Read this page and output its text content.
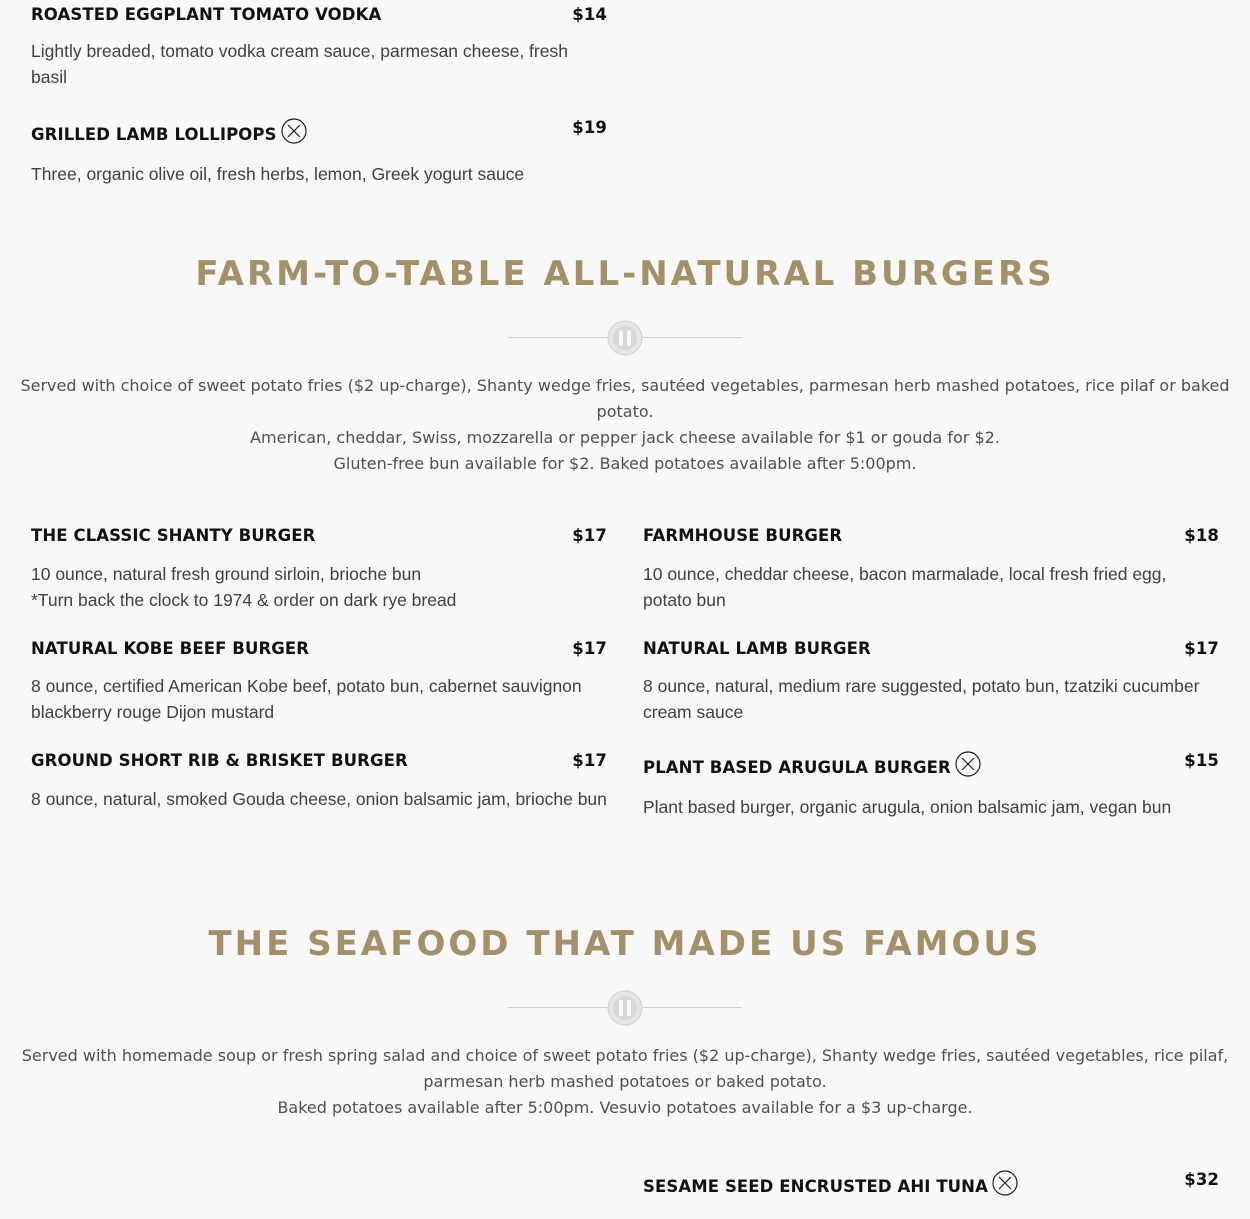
ROASTED EGGPLANT TOMATO VODKA	$14
Lightly breaded, tomato vodka cream sauce, parmesan cheese, fresh basil
GRILLED LAMB LOLLIPOPS	$19
Three, organic olive oil, fresh herbs, lemon, Greek yogurt sauce
FARM-TO-TABLE ALL-NATURAL BURGERS
Served with choice of sweet potato fries ($2 up-charge), Shanty wedge fries, sautéed vegetables, parmesan herb mashed potatoes, rice pilaf or baked potato.
American, cheddar, Swiss, mozzarella or pepper jack cheese available for $1 or gouda for $2.
Gluten-free bun available for $2. Baked potatoes available after 5:00pm.
THE CLASSIC SHANTY BURGER	$17
10 ounce, natural fresh ground sirloin, brioche bun
*Turn back the clock to 1974 & order on dark rye bread
FARMHOUSE BURGER	$18
10 ounce, cheddar cheese, bacon marmalade, local fresh fried egg, potato bun
NATURAL KOBE BEEF BURGER	$17
8 ounce, certified American Kobe beef, potato bun, cabernet sauvignon blackberry rouge Dijon mustard
NATURAL LAMB BURGER	$17
8 ounce, natural, medium rare suggested, potato bun, tzatziki cucumber cream sauce
GROUND SHORT RIB & BRISKET BURGER	$17
8 ounce, natural, smoked Gouda cheese, onion balsamic jam, brioche bun
PLANT BASED ARUGULA BURGER	$15
Plant based burger, organic arugula, onion balsamic jam, vegan bun
THE SEAFOOD THAT MADE US FAMOUS
Served with homemade soup or fresh spring salad and choice of sweet potato fries ($2 up-charge), Shanty wedge fries, sautéed vegetables, rice pilaf, parmesan herb mashed potatoes or baked potato.
Baked potatoes available after 5:00pm. Vesuvio potatoes available for a $3 up-charge.
SESAME SEED ENCRUSTED AHI TUNA	$32
